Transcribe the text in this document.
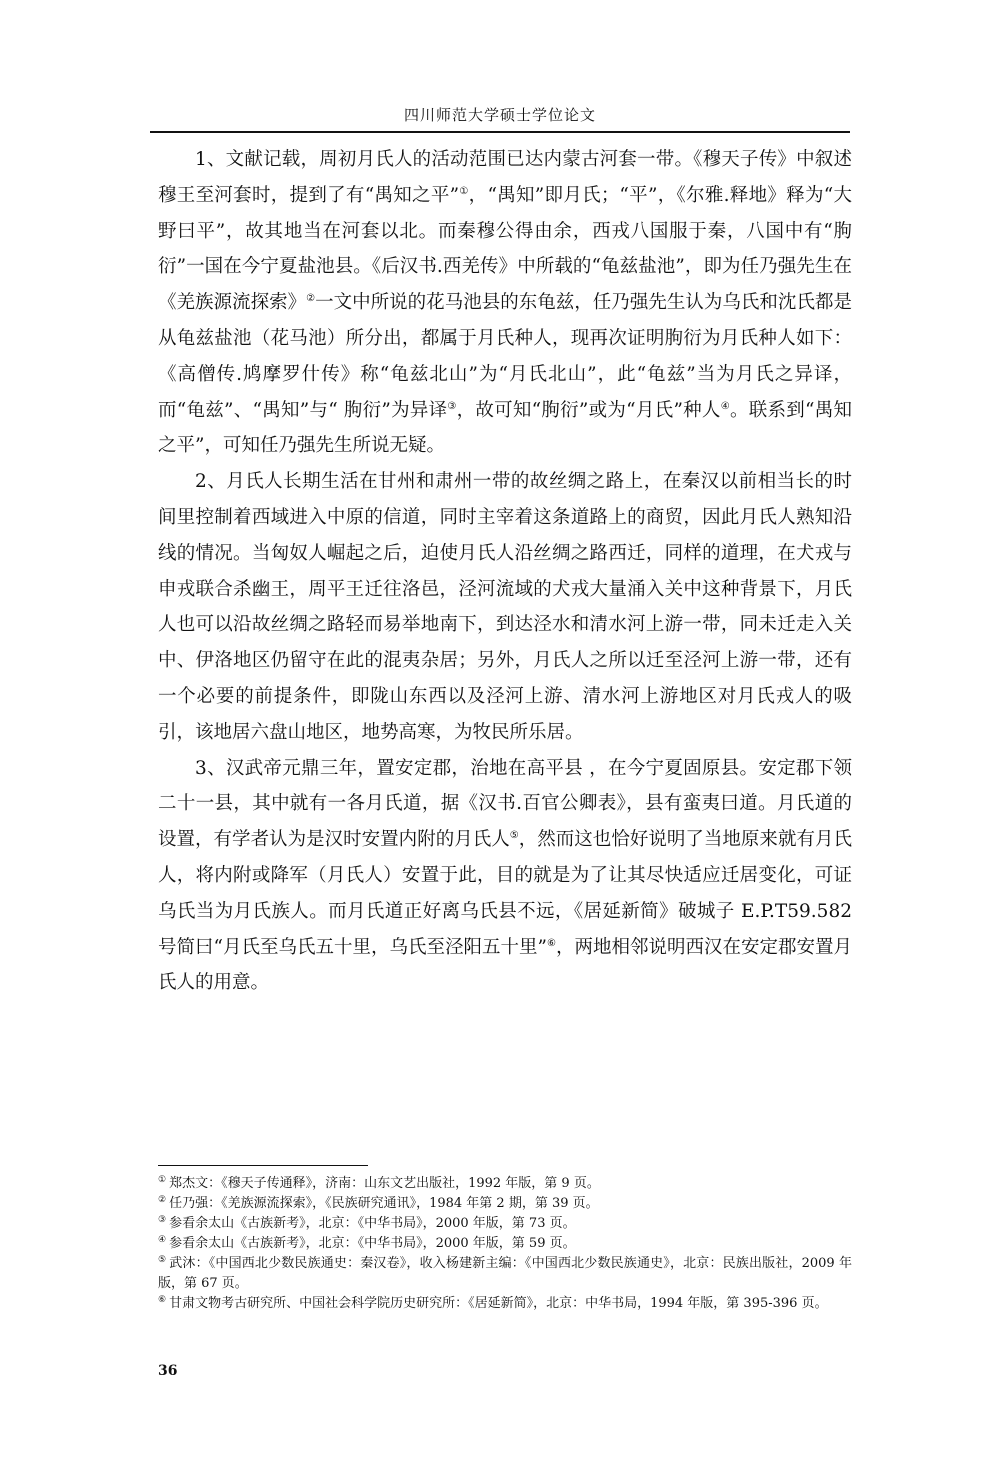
四川师范大学硕士学位论文

1、文献记载，周初月氏人的活动范围已达内蒙古河套一带。《穆天子传》中叙述穆王至河套时，提到了有“禺知之平”①，“禺知”即月氏；“平”，《尔雅.释地》释为“大野曰平”，故其地当在河套以北。而秦穆公得由余，西戎八国服于秦，八国中有“朐衍”一国在今宁夏盐池县。《后汉书.西羌传》中所载的“龟兹盐池”，即为任乃强先生在《羌族源流探索》②一文中所说的花马池县的东龟兹，任乃强先生认为乌氏和沈氏都是从龟兹盐池（花马池）所分出，都属于月氏种人，现再次证明朐衍为月氏种人如下：《高僧传.鸠摩罗什传》称“龟兹北山”为“月氏北山”，此“龟兹”当为月氏之异译，而“龟兹”、“禺知”与“ 朐衍”为异译③，故可知“朐衍”或为“月氏”种人④。联系到“禺知之平”，可知任乃强先生所说无疑。

2、月氏人长期生活在甘州和肃州一带的故丝绸之路上，在秦汉以前相当长的时间里控制着西域进入中原的信道，同时主宰着这条道路上的商贸，因此月氏人熟知沿线的情况。当匈奴人崛起之后，迫使月氏人沿丝绸之路西迁，同样的道理，在犬戎与申戎联合杀幽王，周平王迁往洛邑，泾河流域的犬戎大量涌入关中这种背景下，月氏人也可以沿故丝绸之路轻而易举地南下，到达泾水和清水河上游一带，同未迁走入关中、伊洛地区仍留守在此的混夷杂居；另外，月氏人之所以迁至泾河上游一带，还有一个必要的前提条件，即陇山东西以及泾河上游、清水河上游地区对月氏戎人的吸引，该地居六盘山地区，地势高寒，为牧民所乐居。

3、汉武帝元鼎三年，置安定郡，治地在高平县 ，在今宁夏固原县。安定郡下领二十一县，其中就有一各月氏道，据《汉书.百官公卿表》，县有蛮夷曰道。月氏道的设置，有学者认为是汉时安置内附的月氏人⑤，然而这也恰好说明了当地原来就有月氏人，将内附或降军（月氏人）安置于此，目的就是为了让其尽快适应迁居变化，可证乌氏当为月氏族人。而月氏道正好离乌氏县不远，《居延新简》破城子 E.P.T59.582 号简曰“月氏至乌氏五十里，乌氏至泾阳五十里”⑥，两地相邻说明西汉在安定郡安置月氏人的用意。

① 郑杰文：《穆天子传通释》，济南：山东文艺出版社，1992 年版，第 9 页。

② 任乃强：《羌族源流探索》，《民族研究通讯》，1984 年第 2 期，第 39 页。

③ 参看余太山《古族新考》，北京：《中华书局》，2000 年版，第 73 页。

④ 参看余太山《古族新考》，北京：《中华书局》，2000 年版，第 59 页。

⑤ 武沐：《中国西北少数民族通史：秦汉卷》，收入杨建新主编：《中国西北少数民族通史》，北京：民族出版社，2009 年版，第 67 页。

⑥ 甘肃文物考古研究所、中国社会科学院历史研究所：《居延新简》，北京：中华书局，1994 年版，第 395-396 页。

36
